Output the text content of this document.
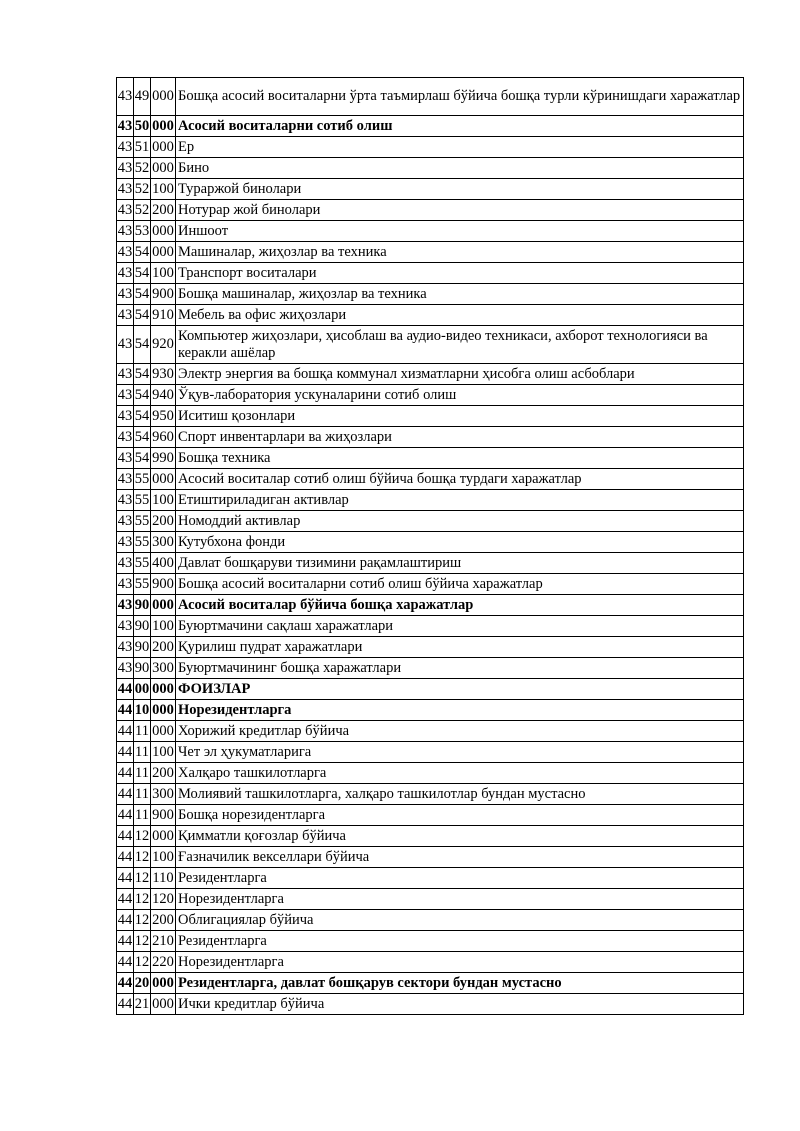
43	49	000	Бошқа асосий воситаларни ўрта таъмирлаш бўйича бошқа турли кўринишдаги харажатлар
43	50	000	Асосий воситаларни сотиб олиш
43	51	000	Ер
43	52	000	Бино
43	52	100	Тураржой бинолари
43	52	200	Нотурар жой бинолари
43	53	000	Иншоот
43	54	000	Машиналар, жиҳозлар ва техника
43	54	100	Транспорт воситалари
43	54	900	Бошқа машиналар, жиҳозлар ва техника
43	54	910	Мебель ва офис жиҳозлари
43	54	920	Компьютер жиҳозлари, ҳисоблаш ва аудио-видео техникаси, ахборот технологияси ва керакли ашёлар
43	54	930	Электр энергия ва бошқа коммунал хизматларни ҳисобга олиш асбоблари
43	54	940	Ўқув-лаборатория ускуналарини сотиб олиш
43	54	950	Иситиш қозонлари
43	54	960	Спорт инвентарлари ва жиҳозлари
43	54	990	Бошқа техника
43	55	000	Асосий воситалар сотиб олиш бўйича бошқа турдаги харажатлар
43	55	100	Етиштириладиган активлар
43	55	200	Номоддий активлар
43	55	300	Кутубхона фонди
43	55	400	Давлат бошқаруви тизимини рақамлаштириш
43	55	900	Бошқа асосий воситаларни сотиб олиш бўйича харажатлар
43	90	000	Асосий воситалар бўйича бошқа харажатлар
43	90	100	Буюртмачини сақлаш харажатлари
43	90	200	Қурилиш пудрат харажатлари
43	90	300	Буюртмачининг бошқа харажатлари
44	00	000	ФОИЗЛАР
44	10	000	Норезидентларга
44	11	000	Хорижий кредитлар бўйича
44	11	100	Чет эл ҳукуматларига
44	11	200	Халқаро ташкилотларга
44	11	300	Молиявий ташкилотларга, халқаро ташкилотлар бундан мустасно
44	11	900	Бошқа норезидентларга
44	12	000	Қимматли қоғозлар бўйича
44	12	100	Ғазначилик векселлари бўйича
44	12	110	Резидентларга
44	12	120	Норезидентларга
44	12	200	Облигациялар бўйича
44	12	210	Резидентларга
44	12	220	Норезидентларга
44	20	000	Резидентларга, давлат бошқарув сектори бундан мустасно
44	21	000	Ички кредитлар бўйича
